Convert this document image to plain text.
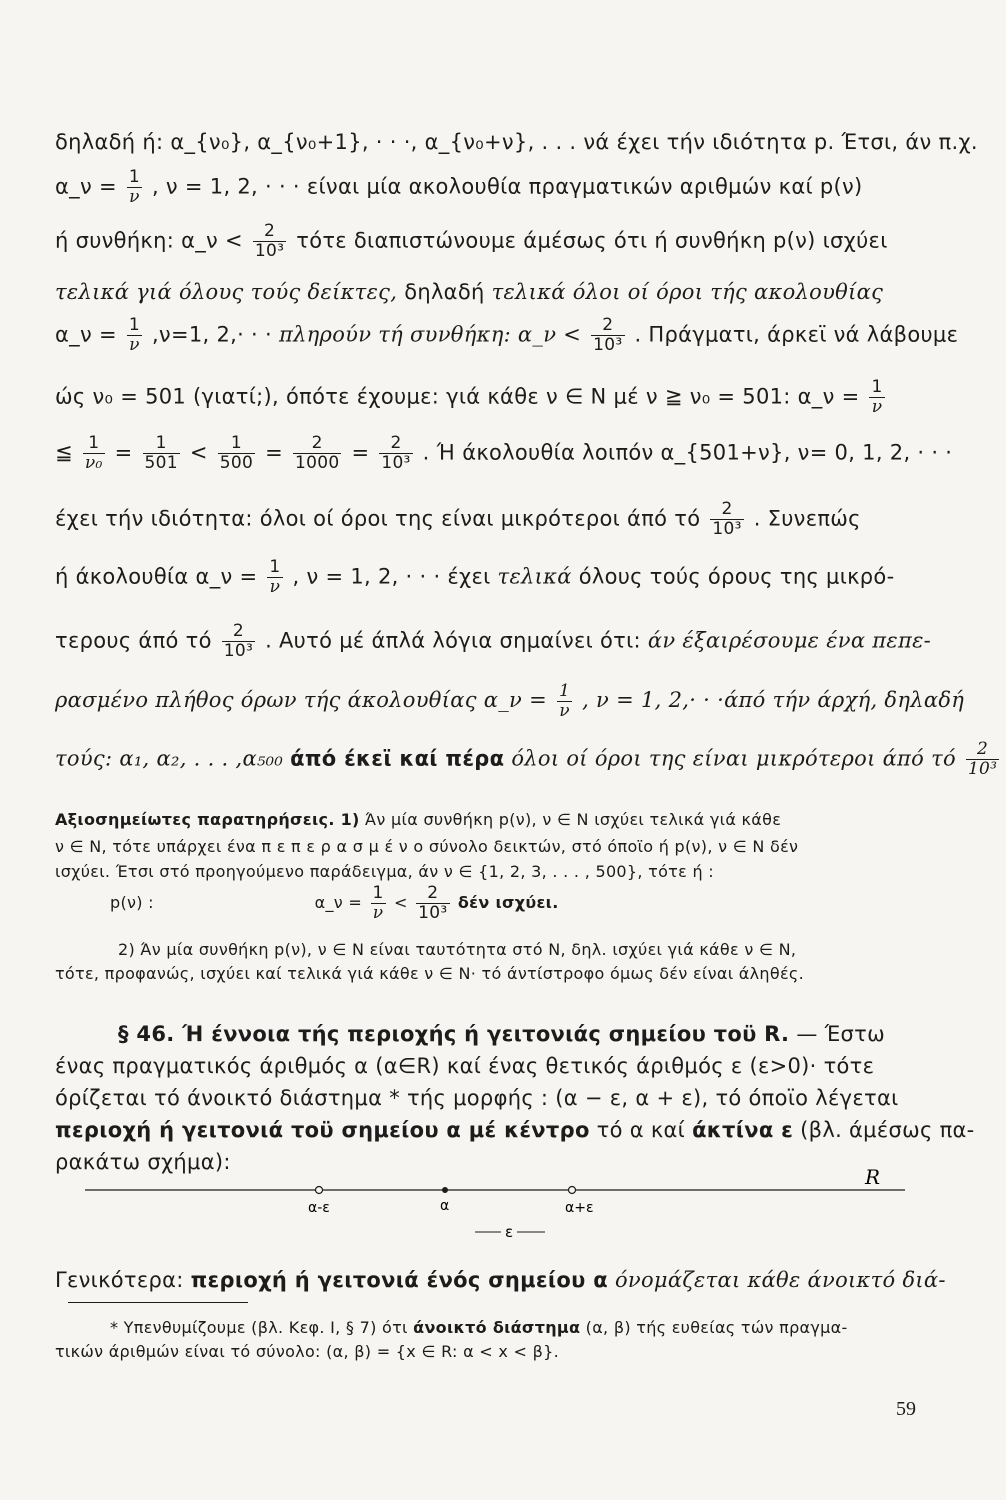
δηλαδή ή: α_{ν₀}, α_{ν₀+1}, · · ·, α_{ν₀+ν}, . . . νά έχει τήν ιδιότητα p. Έτσι, άν π.χ.
α_ν = $\frac{1}{\nu}$ , ν = 1, 2, · · · είναι μία ακολουθία πραγματικών αριθμών καί p(ν)
ή συνθήκη: α_ν < $\frac{2}{\text{10³}}$ τότε διαπιστώνουμε άμέσως ότι ή συνθήκη p(ν) ισχύει
τελικά γιά όλους τούς δείκτες, δηλαδή τελικά όλοι οί όροι τής ακολουθίας
α_ν = $\frac{1}{\nu} ,\nu=1$, 2,· · · πληρούν τή συνθήκη: α_ν < $\frac{2}{\text{10³}}$ . Πράγματι, άρκεϊ νά λάβουμε
ώς ν₀ = 501 (γιατί;), όπότε έχουμε: γιά κάθε ν ∈ N μέ ν ≧ ν₀ = 501: α_ν = $\frac{1}{\nu}$
≦ $\frac{1}{\text{ν₀}} = \frac{1}{501} < \frac{1}{500} = \frac{2}{1000} = \frac{2}{\text{10³}}$ . Ή άκολουθία λοιπόν α_{501+ν}, ν= 0, 1, 2, · · ·
έχει τήν ιδιότητα: όλοι οί όροι της είναι μικρότεροι άπό τό $\frac{2}{\text{10³}}$ . Συνεπώς
ή άκολουθία α_ν = $\frac{1}{\nu}$ , ν = 1, 2, · · · έχει τελικά όλους τούς όρους της μικρό-
τερους άπό τό $\frac{2}{\text{10³}}$ . Αυτό μέ άπλά λόγια σημαίνει ότι: άν έξαιρέσουμε ένα πεπε-
ρασμένο πλήθος όρων τής άκολουθίας α_ν = $\frac{1}{\nu}$ , ν = 1, 2,· · ·άπό τήν άρχή, δηλαδή
τούς: α₁, α₂, . . . ,α₅₀₀ άπό έκεϊ καί πέρα όλοι οί όροι της είναι μικρότεροι άπό τό $\frac{2}{\text{10³}}$
Αξιοσημείωτες παρατηρήσεις. 1) Άν μία συνθήκη p(ν), ν ∈ N ισχύει τελικά γιά κάθε
ν ∈ N, τότε υπάρχει ένα π ε π ε ρ α σ μ έ ν ο σύνολο δεικτών, στό όποϊο ή p(ν), ν ∈ N δέν
ισχύει. Έτσι στό προηγούμενο παράδειγμα, άν ν ∈ {1, 2, 3, . . . , 500}, τότε ή :
p(ν) :	α_ν = $\frac{1}{\nu} < \frac{2}{\text{10³}}$ δέν ισχύει.
2) Άν μία συνθήκη p(ν), ν ∈ N είναι ταυτότητα στό N, δηλ. ισχύει γιά κάθε ν ∈ N,
τότε, προφανώς, ισχύει καί τελικά γιά κάθε ν ∈ N· τό άντίστροφο όμως δέν είναι άληθές.
§ 46. Ή έννοια τής περιοχής ή γειτονιάς σημείου τοϋ R. — Έστω
ένας πραγματικός άριθμός α (α∈R) καί ένας θετικός άριθμός ε (ε>0)· τότε
όρίζεται τό άνοικτό διάστημα * τής μορφής : (α − ε, α + ε), τό όποϊο λέγεται
περιοχή ή γειτονιά τοϋ σημείου α μέ κέντρο τό α καί άκτίνα ε (βλ. άμέσως πα-
ρακάτω σχήμα):
R
α-ε	α	α+ε
ε
Γενικότερα: περιοχή ή γειτονιά ένός σημείου α όνομάζεται κάθε άνοικτό διά-
* Υπενθυμίζουμε (βλ. Κεφ. I, § 7) ότι άνοικτό διάστημα (α, β) τής ευθείας τών πραγμα-
τικών άριθμών είναι τό σύνολο: (α, β) = {x ∈ R: α < x < β}.
59
